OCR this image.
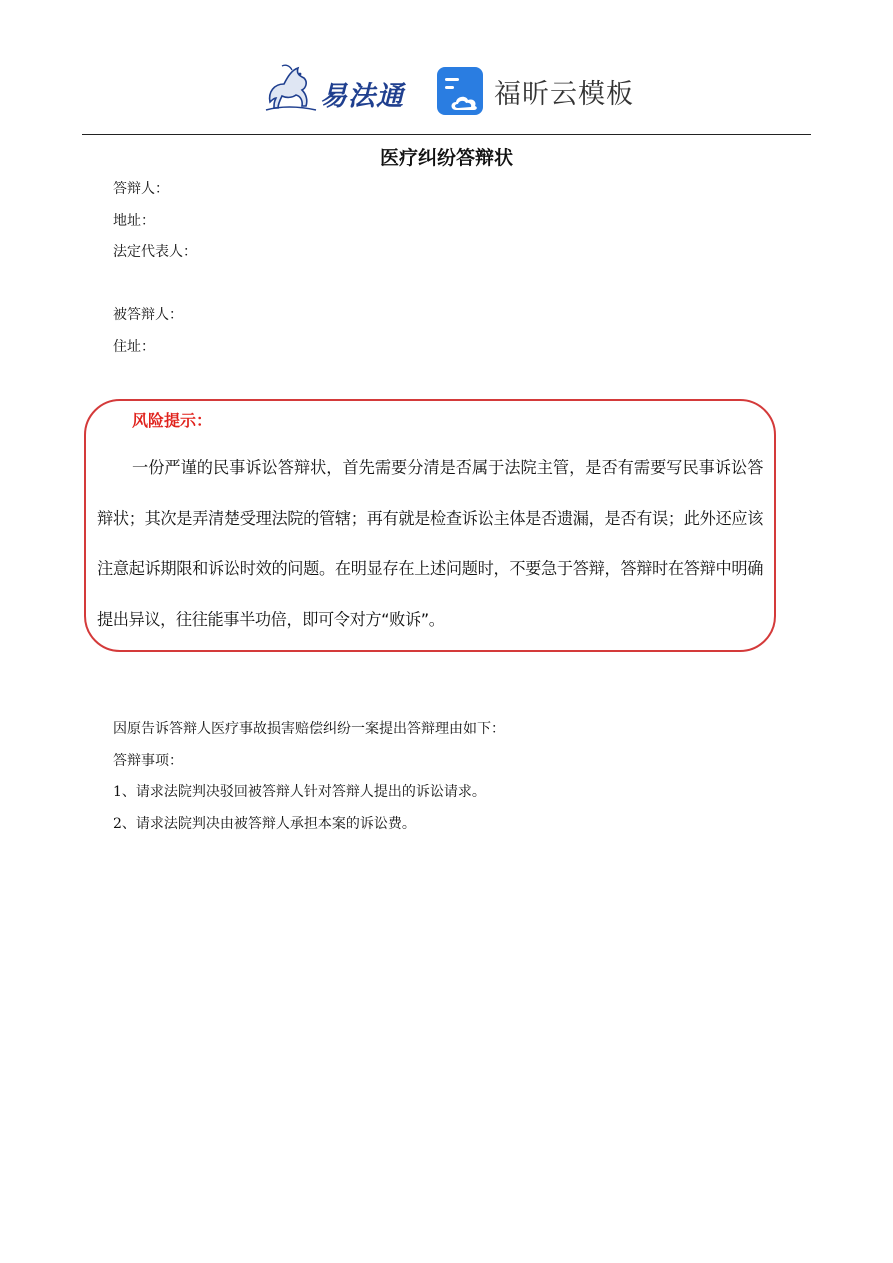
易法通	福昕云模板
医疗纠纷答辩状
答辩人：
地址：
法定代表人：
被答辩人：
住址：
风险提示：
一份严谨的民事诉讼答辩状，首先需要分清是否属于法院主管，是否有需要写民事诉讼答辩状；其次是弄清楚受理法院的管辖；再有就是检查诉讼主体是否遗漏，是否有误；此外还应该注意起诉期限和诉讼时效的问题。在明显存在上述问题时，不要急于答辩，答辩时在答辩中明确提出异议，往往能事半功倍，即可令对方“败诉”。
因原告诉答辩人医疗事故损害赔偿纠纷一案提出答辩理由如下：
答辩事项：
1、请求法院判决驳回被答辩人针对答辩人提出的诉讼请求。
2、请求法院判决由被答辩人承担本案的诉讼费。
